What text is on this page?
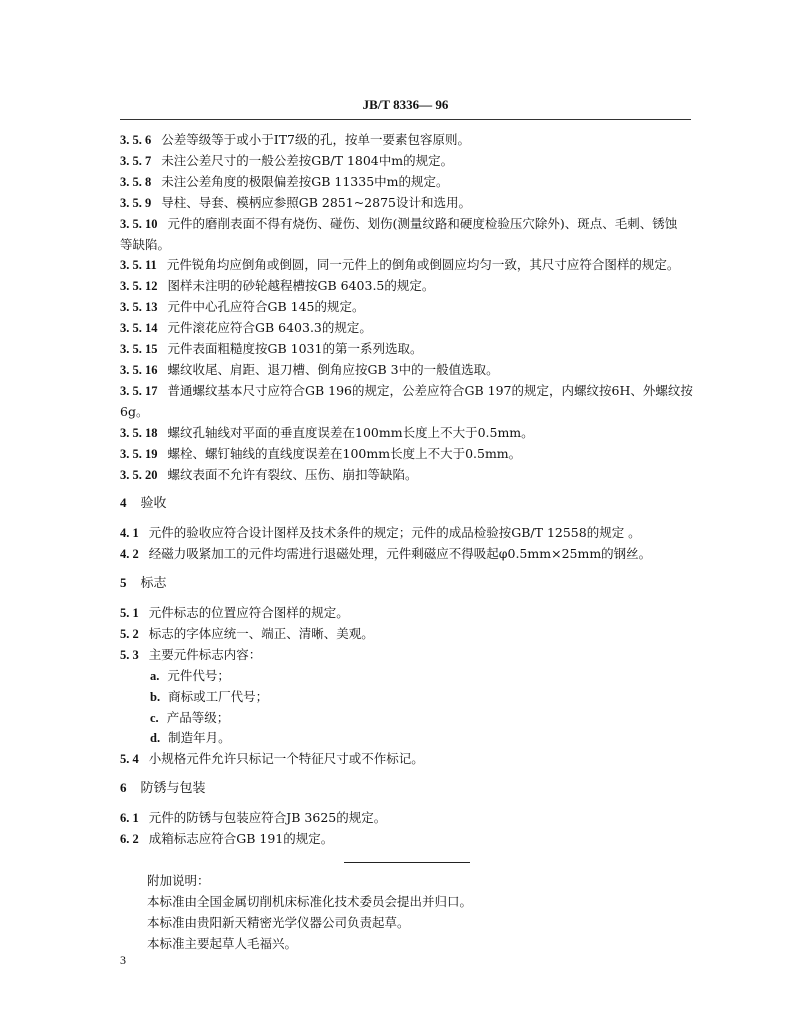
JB/T 8336— 96
3. 5. 6 公差等级等于或小于IT7级的孔，按单一要素包容原则。
3. 5. 7 未注公差尺寸的一般公差按GB/T 1804中m的规定。
3. 5. 8 未注公差角度的极限偏差按GB 11335中m的规定。
3. 5. 9 导柱、导套、模柄应参照GB 2851~2875设计和选用。
3. 5. 10 元件的磨削表面不得有烧伤、碰伤、划伤(测量纹路和硬度检验压穴除外)、斑点、毛刺、锈蚀
等缺陷。
3. 5. 11 元件锐角均应倒角或倒圆，同一元件上的倒角或倒圆应均匀一致，其尺寸应符合图样的规定。
3. 5. 12 图样未注明的砂轮越程槽按GB 6403.5的规定。
3. 5. 13 元件中心孔应符合GB 145的规定。
3. 5. 14 元件滚花应符合GB 6403.3的规定。
3. 5. 15 元件表面粗糙度按GB 1031的第一系列选取。
3. 5. 16 螺纹收尾、肩距、退刀槽、倒角应按GB 3中的一般值选取。
3. 5. 17 普通螺纹基本尺寸应符合GB 196的规定，公差应符合GB 197的规定，内螺纹按6H、外螺纹按
6g。
3. 5. 18 螺纹孔轴线对平面的垂直度误差在100mm长度上不大于0.5mm。
3. 5. 19 螺栓、螺钉轴线的直线度误差在100mm长度上不大于0.5mm。
3. 5. 20 螺纹表面不允许有裂纹、压伤、崩扣等缺陷。
4 验收
4. 1 元件的验收应符合设计图样及技术条件的规定；元件的成品检验按GB/T 12558的规定 。
4. 2 经磁力吸紧加工的元件均需进行退磁处理，元件剩磁应不得吸起φ0.5mm×25mm的钢丝。
5 标志
5. 1 元件标志的位置应符合图样的规定。
5. 2 标志的字体应统一、端正、清晰、美观。
5. 3 主要元件标志内容：
a. 元件代号；
b. 商标或工厂代号；
c. 产品等级；
d. 制造年月。
5. 4 小规格元件允许只标记一个特征尺寸或不作标记。
6 防锈与包装
6. 1 元件的防锈与包装应符合JB 3625的规定。
6. 2 成箱标志应符合GB 191的规定。
附加说明：
本标准由全国金属切削机床标准化技术委员会提出并归口。
本标准由贵阳新天精密光学仪器公司负责起草。
本标准主要起草人毛福兴。
3
